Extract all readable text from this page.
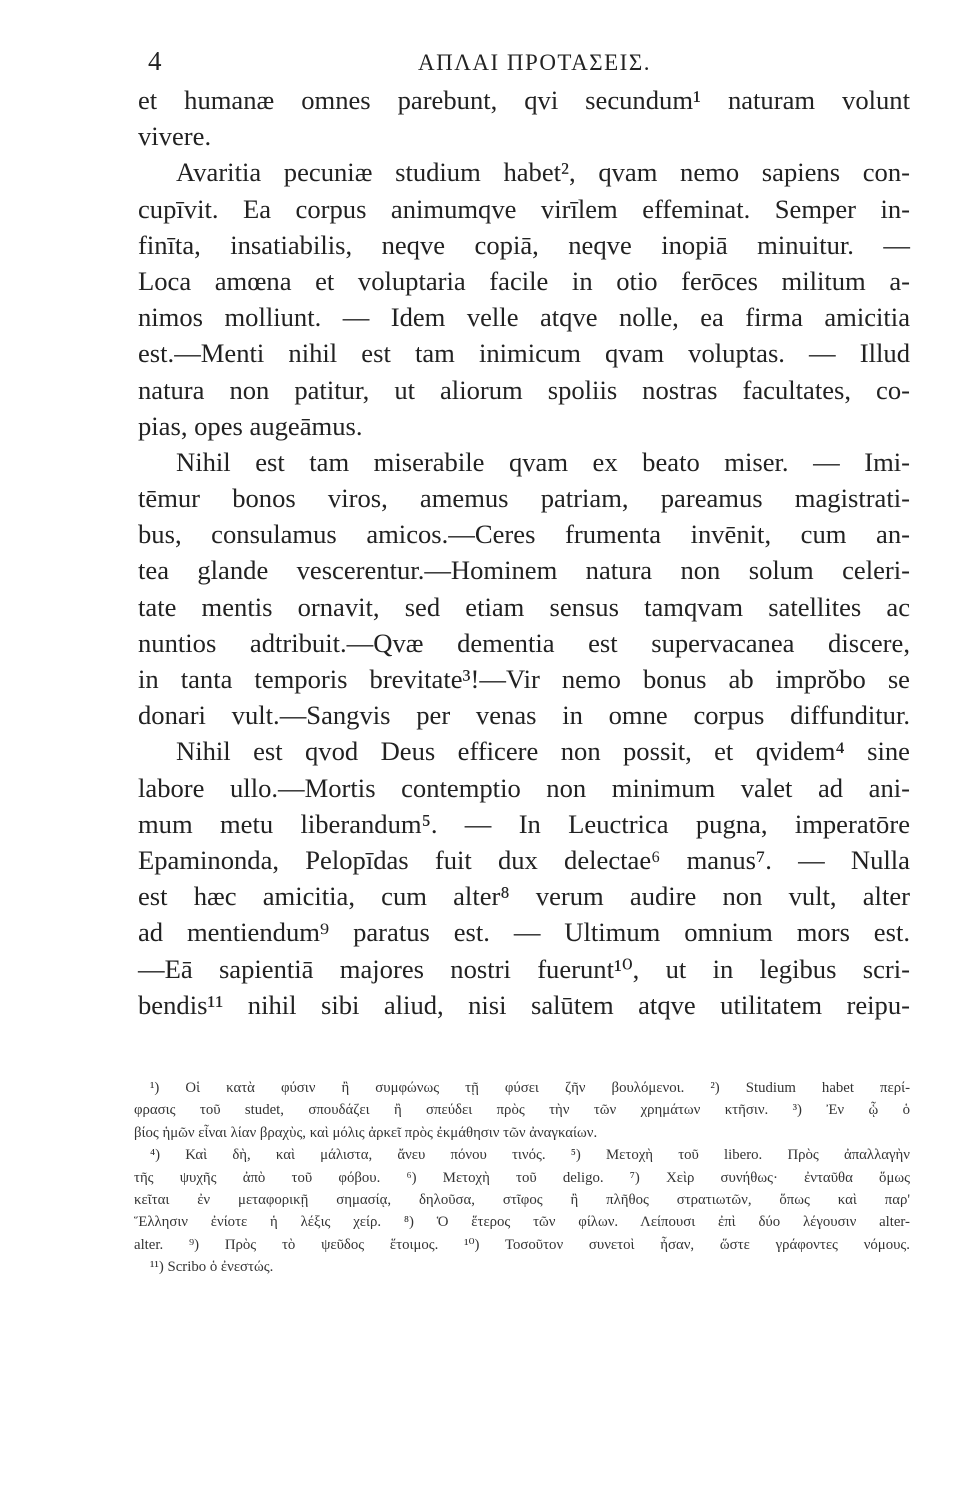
4	ΑΠΛΑΙ ΠΡΟΤΑΣΕΙΣ.
et humanæ omnes parebunt, qvi secundum¹ naturam volunt
vivere.
Avaritia pecuniæ studium habet², qvam nemo sapiens con-
cupīvit. Ea corpus animumqve virīlem effeminat. Semper in-
finīta, insatiabilis, neqve copiā, neqve inopiā minuitur. —
Loca amœna et voluptaria facile in otio ferōces militum a-
nimos molliunt. — Idem velle atqve nolle, ea firma amicitia
est.—Menti nihil est tam inimicum qvam voluptas. — Illud
natura non patitur, ut aliorum spoliis nostras facultates, co-
pias, opes augeāmus.
Nihil est tam miserabile qvam ex beato miser. — Imi-
tēmur bonos viros, amemus patriam, pareamus magistrati-
bus, consulamus amicos.—Ceres frumenta invēnit, cum an-
tea glande vescerentur.—Hominem natura non solum celeri-
tate mentis ornavit, sed etiam sensus tamqvam satellites ac
nuntios adtribuit.—Qvæ dementia est supervacanea discere,
in tanta temporis brevitate³!—Vir nemo bonus ab imprŏbo se
donari vult.—Sangvis per venas in omne corpus diffunditur.
Nihil est qvod Deus efficere non possit, et qvidem⁴ sine
labore ullo.—Mortis contemptio non minimum valet ad ani-
mum metu liberandum⁵. — In Leuctrica pugna, imperatōre
Epaminonda, Pelopīdas fuit dux delectae⁶ manus⁷. — Nulla
est hæc amicitia, cum alter⁸ verum audire non vult, alter
ad mentiendum⁹ paratus est. — Ultimum omnium mors est.
—Eā sapientiā majores nostri fuerunt¹⁰, ut in legibus scri-
bendis¹¹ nihil sibi aliud, nisi salūtem atqve utilitatem reipu-
¹) Οἱ κατὰ φύσιν ἢ συμφώνως τῇ φύσει ζῆν βουλόμενοι. ²) Studium habet περί-
φρασις τοῦ studet, σπουδάζει ἢ σπεύδει πρὸς τὴν τῶν χρημάτων κτῆσιν. ³) Ἐν ᾧ ὁ
βίος ἡμῶν εἶναι λίαν βραχὺς, καὶ μόλις ἀρκεῖ πρὸς ἐκμάθησιν τῶν ἀναγκαίων.
⁴) Καὶ δὴ, καὶ μάλιστα, ἄνευ πόνου τινός. ⁵) Μετοχὴ τοῦ libero. Πρὸς ἀπαλλαγὴν
τῆς ψυχῆς ἀπὸ τοῦ φόβου. ⁶) Μετοχὴ τοῦ deligo. ⁷) Χεὶρ συνήθως· ἐνταῦθα ὅμως
κεῖται ἐν μεταφορικῇ σημασίᾳ, δηλοῦσα, στῖφος ἢ πλῆθος στρατιωτῶν, ὅπως καὶ παρ'
Ἕλλησιν ἐνίοτε ἡ λέξις χείρ. ⁸) Ὁ ἕτερος τῶν φίλων. Λείπουσι ἐπὶ δύο λέγουσιν alter-
alter. ⁹) Πρὸς τὸ ψεῦδος ἕτοιμος. ¹⁰) Τοσοῦτον συνετοὶ ἦσαν, ὥστε γράφοντες νόμους.
¹¹) Scribo ὁ ἐνεστώς.
